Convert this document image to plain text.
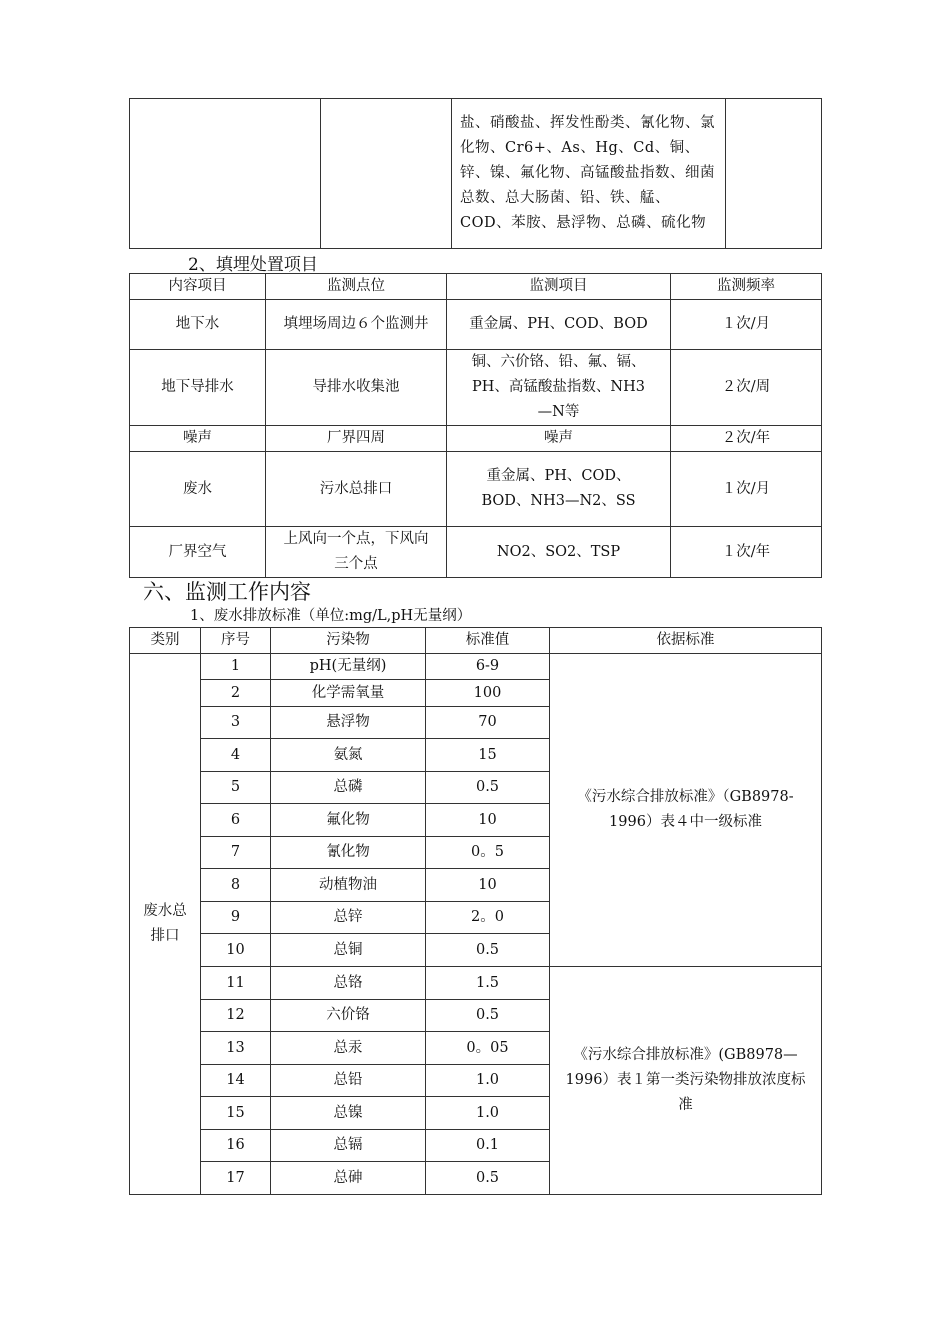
		盐、硝酸盐、挥发性酚类、氰化物、氯化物、Cr6+、As、Hg、Cd、铜、锌、镍、氟化物、高锰酸盐指数、细菌总数、总大肠菌、铅、铁、艋、COD、苯胺、悬浮物、总磷、硫化物	
2、填埋处置项目
内容项目	监测点位	监测项目	监测频率
地下水	填埋场周边６个监测井	重金属、PH、COD、BOD	１次/月
地下导排水	导排水收集池	铜、六价铬、铅、氟、镉、PH、高锰酸盐指数、NH3—N等	２次/周
噪声	厂界四周	噪声	２次/年
废水	污水总排口	重金属、PH、COD、BOD、NH3—N2、SS	１次/月
厂界空气	上风向一个点，下风向三个点	NO2、SO2、TSP	１次/年
六、监测工作内容
1、废水排放标准（单位:mg/L,pH无量纲）
类别	序号	污染物	标准值	依据标准
废水总排口	1	pH(无量纲)	6-9	《污水综合排放标准》（GB8978-1996）表４中一级标准
	2	化学需氧量	100	
	3	悬浮物	70	
	4	氨氮	15	
	5	总磷	0.5	
	6	氟化物	10	
	7	氰化物	0。5	
	8	动植物油	10	
	9	总锌	2。0	
	10	总铜	0.5	
	11	总铬	1.5	《污水综合排放标准》(GB8978—1996）表１第一类污染物排放浓度标准
	12	六价铬	0.5	
	13	总汞	0。05	
	14	总铅	1.0	
	15	总镍	1.0	
	16	总镉	0.1	
	17	总砷	0.5	
